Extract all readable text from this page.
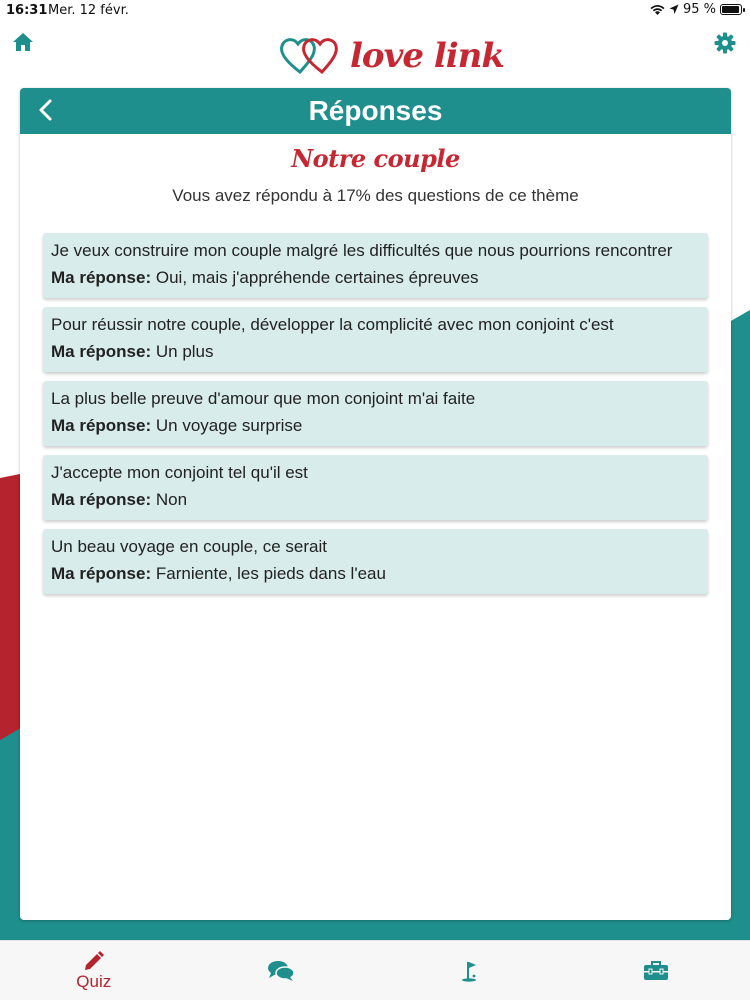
16:31 Mer. 12 févr.	95 %
love link
Réponses
Notre couple
Vous avez répondu à 17% des questions de ce thème
Je veux construire mon couple malgré les difficultés que nous pourrions rencontrer
Ma réponse: Oui, mais j'appréhende certaines épreuves
Pour réussir notre couple, développer la complicité avec mon conjoint c'est
Ma réponse: Un plus
La plus belle preuve d'amour que mon conjoint m'ai faite
Ma réponse: Un voyage surprise
J'accepte mon conjoint tel qu'il est
Ma réponse: Non
Un beau voyage en couple, ce serait
Ma réponse: Farniente, les pieds dans l'eau
Quiz
